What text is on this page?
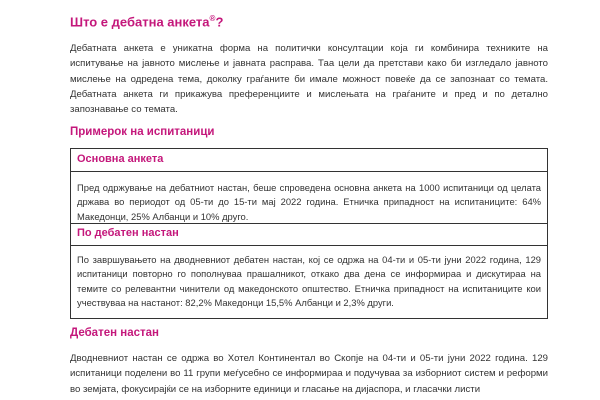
Што е дебатна анкета®?
Дебатната анкета е уникатна форма на политички консултации која ги комбинира техниките на испитување на јавното мислење и јавната расправа. Таа цели да претстави како би изгледало јавното мислење на одредена тема, доколку граѓаните би имале можност повеќе да се запознаат со темата. Дебатната анкета ги прикажува преференциите и мислењата на граѓаните и пред и по детално запознавање со темата.
Примерок на испитаници
Основна анкета
Пред одржување на дебатниот настан, беше спроведена основна анкета на 1000 испитаници од целата држава во периодот од 05-ти до 15-ти мај 2022 година. Етничка припадност на испитаниците: 64% Македонци, 25% Албанци и 10% друго.
По дебатен настан
По завршувањето на дводневниот дебатен настан, кој се одржа на 04-ти и 05-ти јуни 2022 година, 129 испитаници повторно го пополнуваа прашалникот, откако два дена се информираа и дискутираа на темите со релевантни чинители од македонското општество. Етничка припадност на испитаниците кои учествуваа на настанот: 82,2% Македонци 15,5% Албанци и 2,3% други.
Дебатен настан
Дводневниот настан се одржа во Хотел Континентал во Скопје на 04-ти и 05-ти јуни 2022 година. 129 испитаници поделени во 11 групи меѓусебно се информираа и подучуваа за изборниот систем и реформи во земјата, фокусирајќи се на изборните единици и гласање на дијаспора, и гласачки листи
